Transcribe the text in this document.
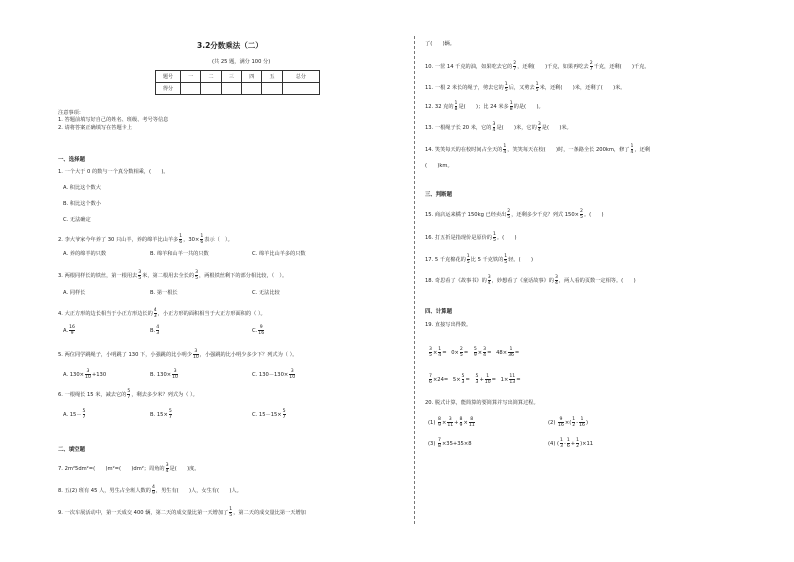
3.2分数乘法（二）
(共 25 题，满分 100 分)
题号	一	二	三	四	五	总分
得分						
注意事项：
1. 答题前填写好自己的姓名、班级、考号等信息
2. 请将答案正确填写在答题卡上
一、选择题
1. 一个大于 0 的数与一个真分数相乘，(　　)。
A. 积比这个数大
B. 积比这个数小
C. 无法确定
2. 李大爷家今年养了 30 只山羊，养的绵羊比山羊多 $\frac{1}{6}$ ，$30\times \frac{1}{6}$ 表示（　）。
A. 养的绵羊的只数	B. 绵羊和山羊一共的只数	C. 绵羊比山羊多的只数
3. 两根同样长的铁丝，第一根用去 $\frac{3}{5}$ 米，第二根用去全长的 $\frac{3}{5}$ ，两根铁丝剩下的部分相比较，（　）。
A. 同样长	B. 第一根长	C. 无法比较
4. 大正方形的边长相当于小正方形边长的 $\frac{4}{3}$ ，小正方形的面积相当于大正方形面积的（ ）。
A. $\frac{16}{9}$	B. $\frac{4}{3}$	C. $\frac{9}{16}$
5. 两位同学跳绳子，小明跳了 130 下，小强跳的比小明少 $\frac{3}{10}$ ，小强跳的比小明少多少下？列式为（ ）。
A. $130\times \frac{3}{10} +130$	B. $130\times \frac{3}{10}$	C. $130-130\times \frac{3}{10}$
6. 一根绳长 15 米，减去它的 $\frac{5}{7}$ ，剩去多少米？列式为（ ）。
A. $15- \frac{5}{7}$	B. $15\times \frac{5}{7}$	C. $15-15\times \frac{5}{7}$
二、填空题
7. 2m²5dm²=(　　)m²=(　　)dm²；周角的 $\frac{3}{4}$ 是(　　)度。
8. 五(2) 班有 45 人，男生占全班人数的 $\frac{4}{9}$ ，男生有(　　)人，女生有(　　)人。
9. 一次车展活动中，第一天成交 400 辆，第二天的成交量比第一天增加了 $\frac{1}{5}$ ，第二天的成交量比第一天增加
了(　　)辆。
10. 一筐 14 千克的油，如果吃去它的 $\frac{2}{7}$ ，还剩(　　)千克，如果再吃去 $\frac{2}{7}$ 千克，还剩(　　)千克。
11. 一根 2 米长的绳子，剪去它的 $\frac{1}{5}$ 后，又剪去 $\frac{1}{5}$ 米，还剩(　　)米，还剩了(　　)米。
12. 32 克的 $\frac{1}{8}$ 是(　　)；比 24 米多 $\frac{1}{8}$ 的是(　　)。
13. 一根绳子长 20 米，它的 $\frac{3}{4}$ 是(　　)米，它的 $\frac{3}{4}$ 是(　　)米。
14. 笑笑每天的在校时间占全天的 $\frac{1}{4}$ ，笑笑每天在校(　　)时，一条路全长 200km，修了 $\frac{1}{4}$ ，还剩
(　　)km。
三、判断题
15. 商店运来橘子 150kg 已经卖出 $\frac{2}{5}$ ，还剩多少千克？列式 $150\times \frac{2}{5}$ 。(　　)
16. 打五折是指现价是原价的 $\frac{1}{5}$ 。(　　)
17. 5 千克棉花的 $\frac{1}{5}$ 比 5 千克铁的 $\frac{1}{5}$ 轻。(　　)
18. 奇思看了《故事书》的 $\frac{3}{4}$ ，妙想看了《童话故事》的 $\frac{3}{4}$ ，两人看的页数一定相等。(　　)
四、计算题
19. 直接写出得数。
$\frac{3}{5} \times \frac{1}{4} = 0\times \frac{2}{5} = \frac{5}{9} \times \frac{3}{4} = 48\times \frac{1}{36}$ =
$\frac{7}{6} \times 24= 5\times \frac{5}{3} = \frac{5}{3} + \frac{1}{10} = 1\times \frac{11}{13}$ =
20. 脱式计算，能简算的要简算并写出简算过程。
$(1) \frac{8}{9} \times \frac{3}{11} + \frac{8}{9} \times \frac{8}{11}$	$(2) \frac{9}{16}$ ×( $\frac{1}{2} - \frac{1}{16}$ )
$(3) \frac{7}{8} \times 35+35\times 8$	(4) ( $\frac{1}{3} - \frac{1}{6} + \frac{1}{2} )\times 11$
